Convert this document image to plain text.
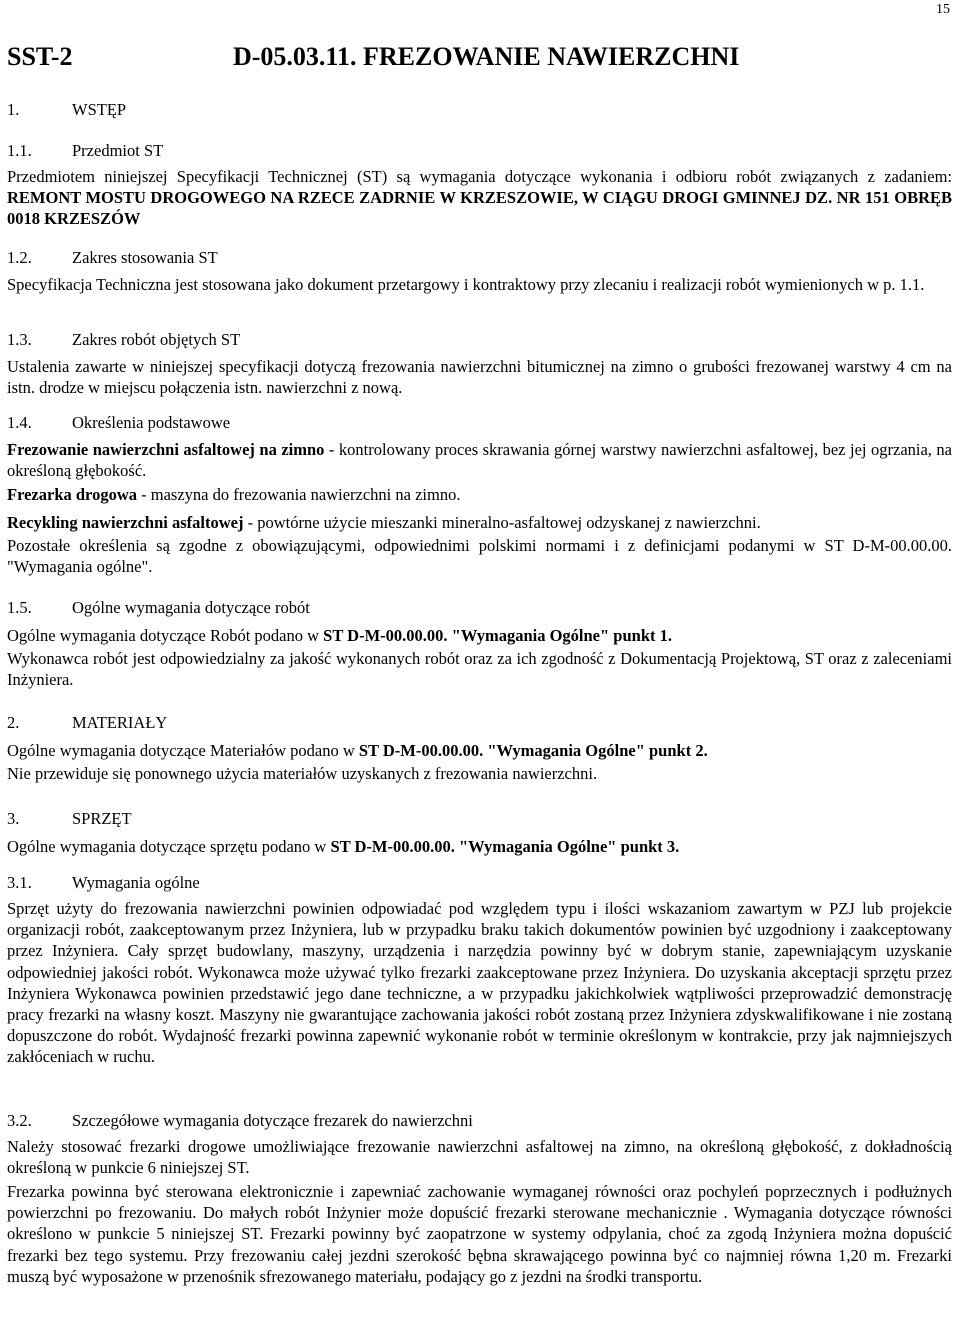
15
SST-2	D-05.03.11. FREZOWANIE NAWIERZCHNI
1.	WSTĘP
1.1. Przedmiot ST
Przedmiotem niniejszej Specyfikacji Technicznej (ST) są wymagania dotyczące wykonania i odbioru robót związanych z zadaniem: REMONT MOSTU DROGOWEGO NA RZECE ZADRNIE W KRZESZOWIE, W CIĄGU DROGI GMINNEJ DZ. NR 151 OBRĘB 0018 KRZESZÓW
1.2. Zakres stosowania ST
Specyfikacja Techniczna jest stosowana jako dokument przetargowy i kontraktowy przy zlecaniu i realizacji robót wymienionych w p. 1.1.
1.3. Zakres robót objętych ST
Ustalenia zawarte w niniejszej specyfikacji dotyczą frezowania nawierzchni bitumicznej na zimno o grubości frezowanej warstwy 4 cm na istn. drodze w miejscu połączenia istn. nawierzchni z nową.
1.4. Określenia podstawowe
Frezowanie nawierzchni asfaltowej na zimno - kontrolowany proces skrawania górnej warstwy nawierzchni asfaltowej, bez jej ogrzania, na określoną głębokość.
Frezarka drogowa - maszyna do frezowania nawierzchni na zimno.
Recykling nawierzchni asfaltowej - powtórne użycie mieszanki mineralno-asfaltowej odzyskanej z nawierzchni.
Pozostałe określenia są zgodne z obowiązującymi, odpowiednimi polskimi normami i z definicjami podanymi w ST D-M-00.00.00. "Wymagania ogólne".
1.5. Ogólne wymagania dotyczące robót
Ogólne wymagania dotyczące Robót podano w ST D-M-00.00.00. "Wymagania Ogólne" punkt 1.
Wykonawca robót jest odpowiedzialny za jakość wykonanych robót oraz za ich zgodność z Dokumentacją Projektową, ST oraz z zaleceniami Inżyniera.
2.	MATERIAŁY
Ogólne wymagania dotyczące Materiałów podano w ST D-M-00.00.00. "Wymagania Ogólne" punkt 2.
Nie przewiduje się ponownego użycia materiałów uzyskanych z frezowania nawierzchni.
3.	SPRZĘT
Ogólne wymagania dotyczące sprzętu podano w ST D-M-00.00.00. "Wymagania Ogólne" punkt 3.
3.1. Wymagania ogólne
Sprzęt użyty do frezowania nawierzchni powinien odpowiadać pod względem typu i ilości wskazaniom zawartym w PZJ lub projekcie organizacji robót, zaakceptowanym przez Inżyniera, lub w przypadku braku takich dokumentów powinien być uzgodniony i zaakceptowany przez Inżyniera. Cały sprzęt budowlany, maszyny, urządzenia i narzędzia powinny być w dobrym stanie, zapewniającym uzyskanie odpowiedniej jakości robót. Wykonawca może używać tylko frezarki zaakceptowane przez Inżyniera. Do uzyskania akceptacji sprzętu przez Inżyniera Wykonawca powinien przedstawić jego dane techniczne, a w przypadku jakichkolwiek wątpliwości przeprowadzić demonstrację pracy frezarki na własny koszt. Maszyny nie gwarantujące zachowania jakości robót zostaną przez Inżyniera zdyskwalifikowane i nie zostaną dopuszczone do robót. Wydajność frezarki powinna zapewnić wykonanie robót w terminie określonym w kontrakcie, przy jak najmniejszych zakłóceniach w ruchu.
3.2. Szczegółowe wymagania dotyczące frezarek do nawierzchni
Należy stosować frezarki drogowe umożliwiające frezowanie nawierzchni asfaltowej na zimno, na określoną głębokość, z dokładnością określoną w punkcie 6 niniejszej ST.
Frezarka powinna być sterowana elektronicznie i zapewniać zachowanie wymaganej równości oraz pochyleń poprzecznych i podłużnych powierzchni po frezowaniu. Do małych robót Inżynier może dopuścić frezarki sterowane mechanicznie . Wymagania dotyczące równości określono w punkcie 5 niniejszej ST. Frezarki powinny być zaopatrzone w systemy odpylania, choć za zgodą Inżyniera można dopuścić frezarki bez tego systemu. Przy frezowaniu całej jezdni szerokość bębna skrawającego powinna być co najmniej równa 1,20 m. Frezarki muszą być wyposażone w przenośnik sfrezowanego materiału, podający go z jezdni na środki transportu.
